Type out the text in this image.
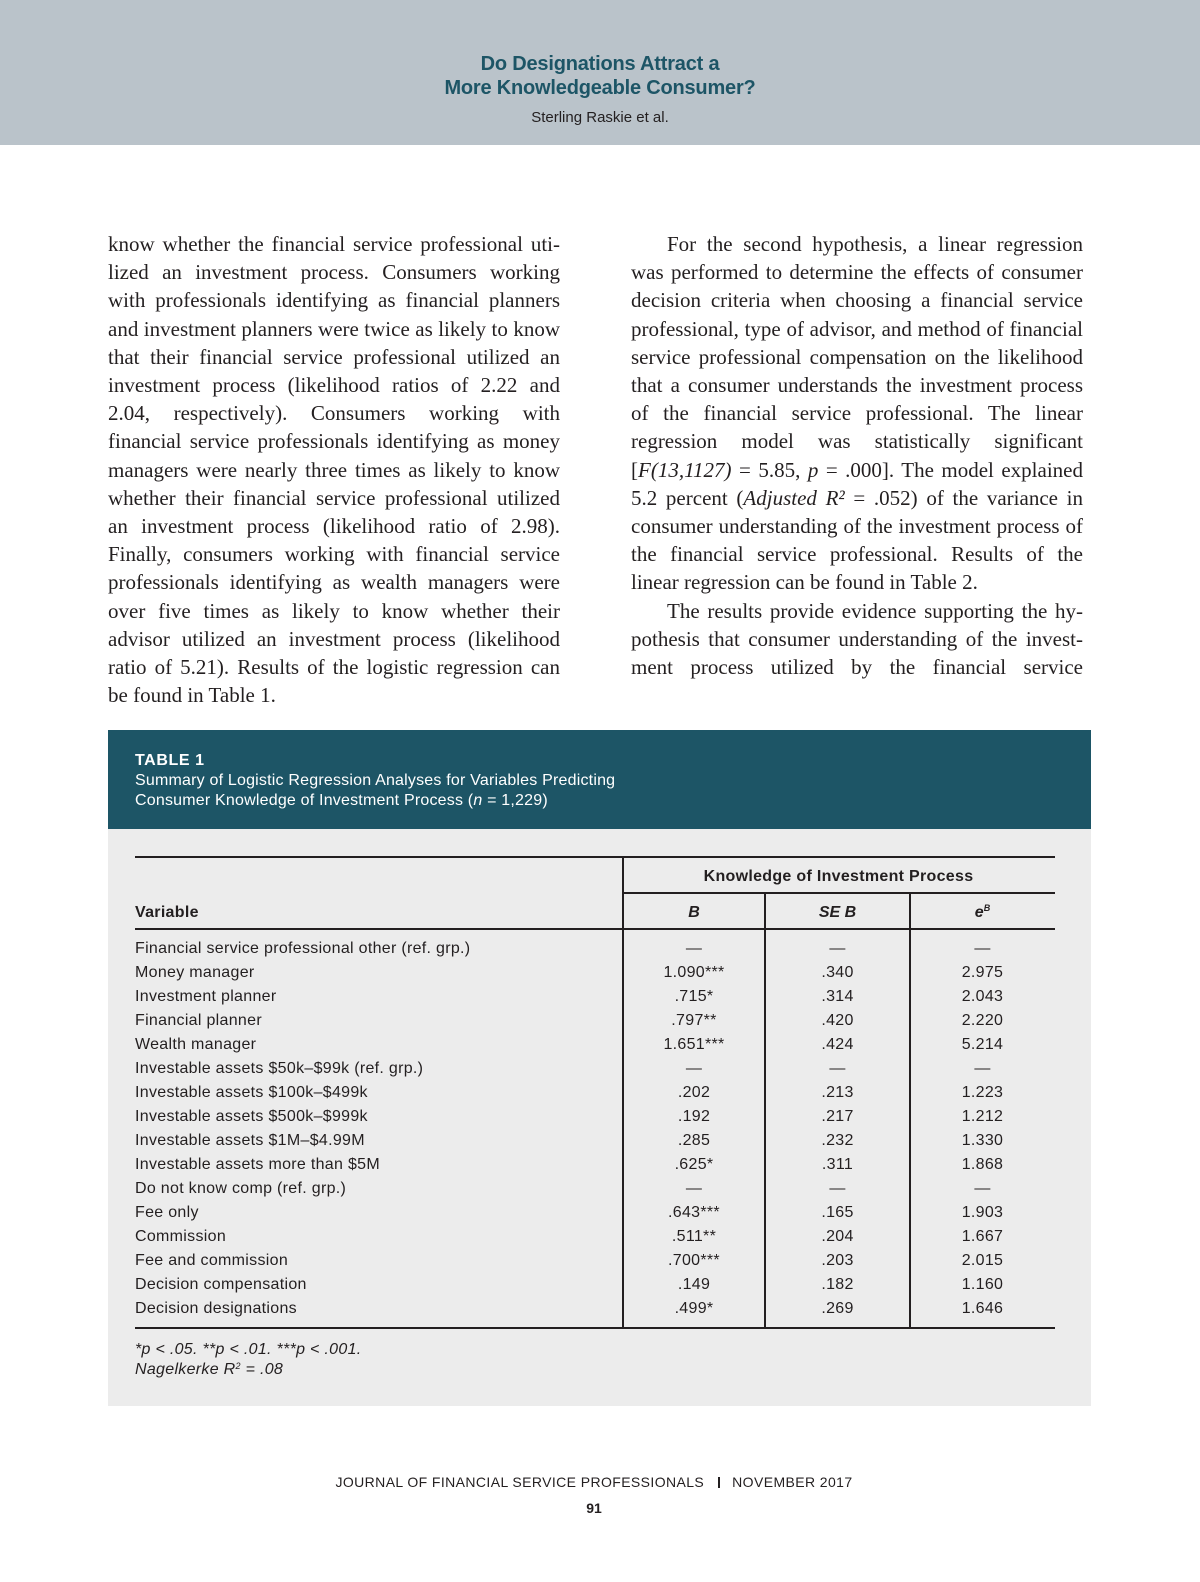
Do Designations Attract a
More Knowledgeable Consumer?
Sterling Raskie et al.

know whether the financial service professional utilized an investment process. Consumers working with professionals identifying as financial planners and investment planners were twice as likely to know that their financial service professional utilized an investment process (likelihood ratios of 2.22 and 2.04, respectively). Consumers working with financial service professionals identifying as money managers were nearly three times as likely to know whether their financial service professional utilized an investment process (likelihood ratio of 2.98). Finally, consumers working with financial service professionals identifying as wealth managers were over five times as likely to know whether their advisor utilized an investment process (likelihood ratio of 5.21). Results of the logistic regression can be found in Table 1.

For the second hypothesis, a linear regression was performed to determine the effects of consumer decision criteria when choosing a financial service professional, type of advisor, and method of financial service professional compensation on the likelihood that a consumer understands the investment process of the financial service professional. The linear regression model was statistically significant [F(13,1127) = 5.85, p = .000]. The model explained 5.2 percent (Adjusted R² = .052) of the variance in consumer understanding of the investment process of the financial service professional. Results of the linear regression can be found in Table 2.

The results provide evidence supporting the hypothesis that consumer understanding of the investment process utilized by the financial service

TABLE 1
Summary of Logistic Regression Analyses for Variables Predicting
Consumer Knowledge of Investment Process (n = 1,229)
Knowledge of Investment Process
Variable	B	SE B	$e^B$
Financial service professional other (ref. grp.)	—	—	—
Money manager	1.090***	.340	2.975
Investment planner	.715*	.314	2.043
Financial planner	.797**	.420	2.220
Wealth manager	1.651***	.424	5.214
Investable assets $50k–$99k (ref. grp.)	—	—	—
Investable assets $100k–$499k	.202	.213	1.223
Investable assets $500k–$999k	.192	.217	1.212
Investable assets $1M–$4.99M	.285	.232	1.330
Investable assets more than $5M	.625*	.311	1.868
Do not know comp (ref. grp.)	—	—	—
Fee only	.643***	.165	1.903
Commission	.511**	.204	1.667
Fee and commission	.700***	.203	2.015
Decision compensation	.149	.182	1.160
Decision designations	.499*	.269	1.646
*p < .05. **p < .01. ***p < .001.
Nagelkerke $R^2 = .08$
JOURNAL OF FINANCIAL SERVICE PROFESSIONALS NOVEMBER 2017
91
